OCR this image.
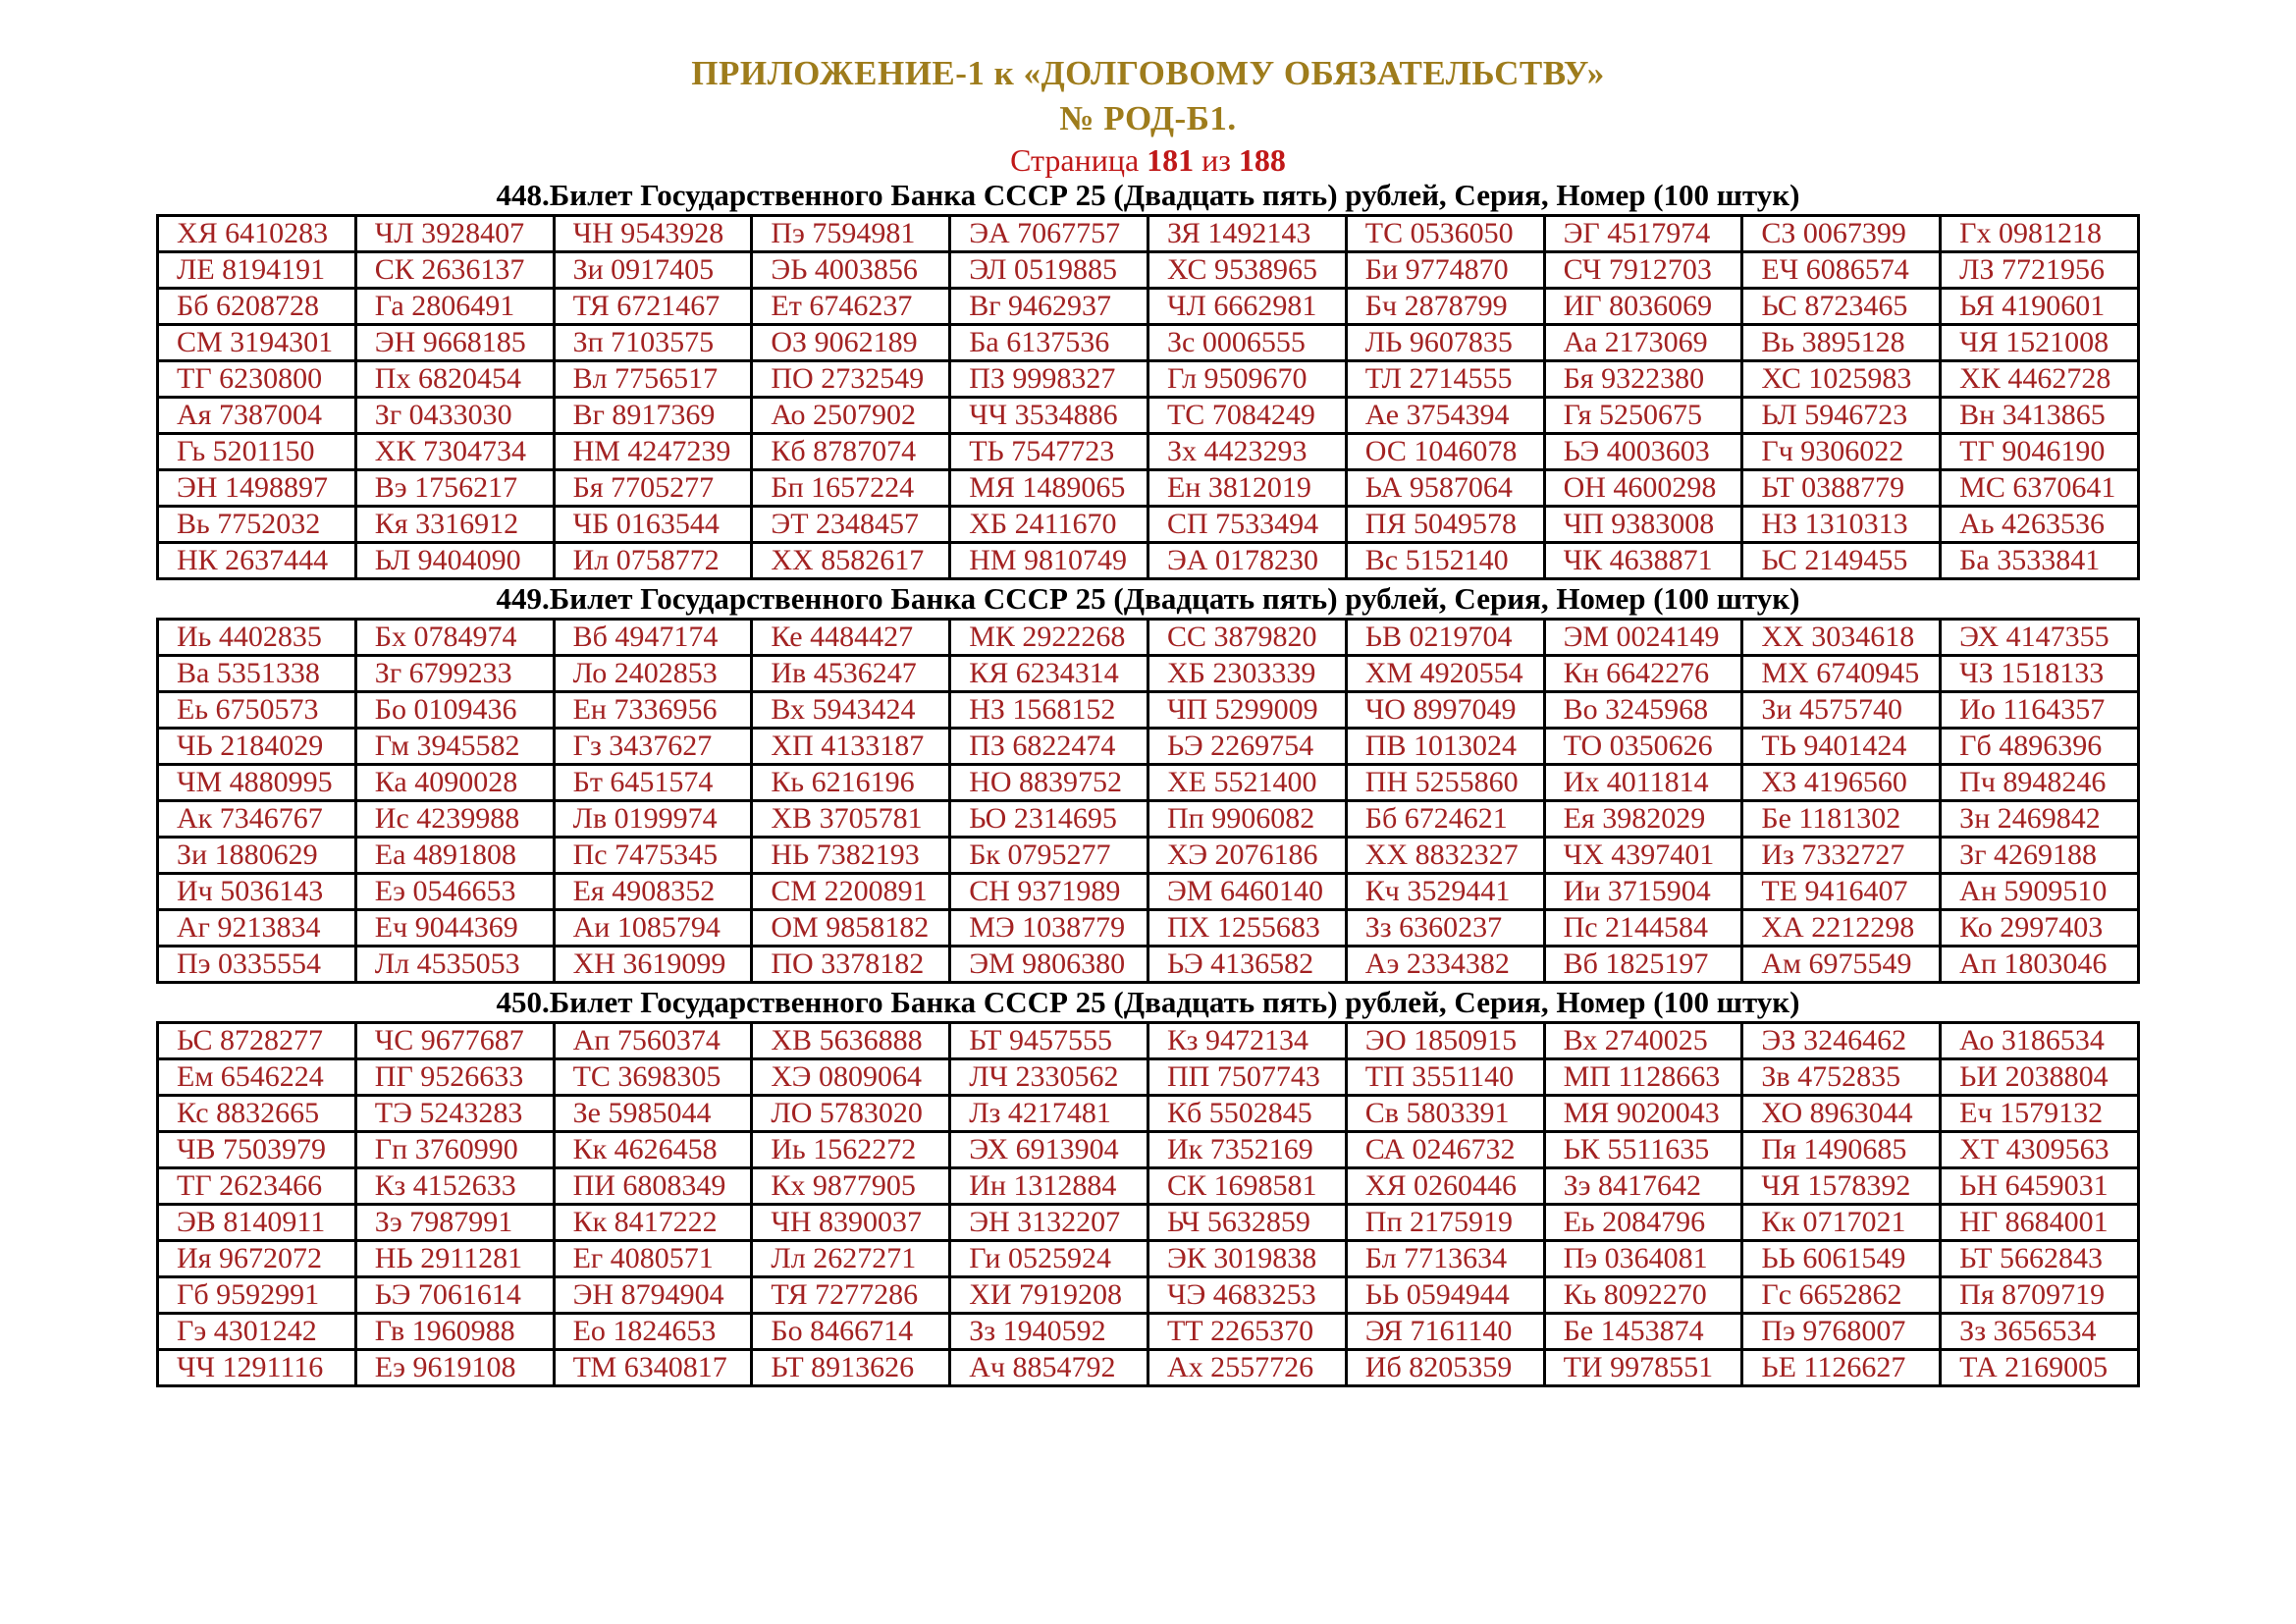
ПРИЛОЖЕНИЕ-1 к «ДОЛГОВОМУ ОБЯЗАТЕЛЬСТВУ»
№ РОД-Б1.
Страница 181 из 188
448.Билет Государственного Банка СССР 25 (Двадцать пять) рублей, Серия, Номер (100 штук)
ХЯ 6410283	ЧЛ 3928407	ЧН 9543928	Пэ 7594981	ЭА 7067757	ЗЯ 1492143	ТС 0536050	ЭГ 4517974	СЗ 0067399	Гх 0981218
ЛЕ 8194191	СК 2636137	Зи 0917405	ЭЬ 4003856	ЭЛ 0519885	ХС 9538965	Би 9774870	СЧ 7912703	ЕЧ 6086574	ЛЗ 7721956
Бб 6208728	Га 2806491	ТЯ 6721467	Ет 6746237	Вг 9462937	ЧЛ 6662981	Бч 2878799	ИГ 8036069	ЬС 8723465	ЬЯ 4190601
СМ 3194301	ЭН 9668185	Зп 7103575	ОЗ 9062189	Ба 6137536	Зс 0006555	ЛЬ 9607835	Аа 2173069	Вь 3895128	ЧЯ 1521008
ТГ 6230800	Пх 6820454	Вл 7756517	ПО 2732549	ПЗ 9998327	Гл 9509670	ТЛ 2714555	Бя 9322380	ХС 1025983	ХК 4462728
Ая 7387004	Зг 0433030	Вг 8917369	Ао 2507902	ЧЧ 3534886	ТС 7084249	Ае 3754394	Гя 5250675	ЬЛ 5946723	Вн 3413865
Гь 5201150	ХК 7304734	НМ 4247239	Кб 8787074	ТЬ 7547723	Зх 4423293	ОС 1046078	ЬЭ 4003603	Гч 9306022	ТГ 9046190
ЭН 1498897	Вэ 1756217	Бя 7705277	Бп 1657224	МЯ 1489065	Ен 3812019	ЬА 9587064	ОН 4600298	ЬТ 0388779	МС 6370641
Вь 7752032	Кя 3316912	ЧБ 0163544	ЭТ 2348457	ХБ 2411670	СП 7533494	ПЯ 5049578	ЧП 9383008	НЗ 1310313	Аь 4263536
НК 2637444	ЬЛ 9404090	Ил 0758772	ХХ 8582617	НМ 9810749	ЭА 0178230	Вс 5152140	ЧК 4638871	ЬС 2149455	Ба 3533841
449.Билет Государственного Банка СССР 25 (Двадцать пять) рублей, Серия, Номер (100 штук)
Иь 4402835	Бх 0784974	Вб 4947174	Ке 4484427	МК 2922268	СС 3879820	ЬВ 0219704	ЭМ 0024149	ХХ 3034618	ЭХ 4147355
Ва 5351338	Зг 6799233	Ло 2402853	Ив 4536247	КЯ 6234314	ХБ 2303339	ХМ 4920554	Кн 6642276	МХ 6740945	ЧЗ 1518133
Еь 6750573	Бо 0109436	Ен 7336956	Вх 5943424	НЗ 1568152	ЧП 5299009	ЧО 8997049	Во 3245968	Зи 4575740	Ио 1164357
ЧЬ 2184029	Гм 3945582	Гз 3437627	ХП 4133187	ПЗ 6822474	ЬЭ 2269754	ПВ 1013024	ТО 0350626	ТЬ 9401424	Гб 4896396
ЧМ 4880995	Ка 4090028	Бт 6451574	Кь 6216196	НО 8839752	ХЕ 5521400	ПН 5255860	Их 4011814	ХЗ 4196560	Пч 8948246
Ак 7346767	Ис 4239988	Лв 0199974	ХВ 3705781	ЬО 2314695	Пп 9906082	Бб 6724621	Ея 3982029	Бе 1181302	Зн 2469842
Зи 1880629	Еа 4891808	Пс 7475345	НЬ 7382193	Бк 0795277	ХЭ 2076186	ХХ 8832327	ЧХ 4397401	Из 7332727	Зг 4269188
Ич 5036143	Еэ 0546653	Ея 4908352	СМ 2200891	СН 9371989	ЭМ 6460140	Кч 3529441	Ии 3715904	ТЕ 9416407	Ан 5909510
Аг 9213834	Еч 9044369	Аи 1085794	ОМ 9858182	МЭ 1038779	ПХ 1255683	Зз 6360237	Пс 2144584	ХА 2212298	Ко 2997403
Пэ 0335554	Лл 4535053	ХН 3619099	ПО 3378182	ЭМ 9806380	ЬЭ 4136582	Аэ 2334382	Вб 1825197	Ам 6975549	Ап 1803046
450.Билет Государственного Банка СССР 25 (Двадцать пять) рублей, Серия, Номер (100 штук)
ЬС 8728277	ЧС 9677687	Ап 7560374	ХВ 5636888	ЬТ 9457555	Кз 9472134	ЭО 1850915	Вх 2740025	ЭЗ 3246462	Ао 3186534
Ем 6546224	ПГ 9526633	ТС 3698305	ХЭ 0809064	ЛЧ 2330562	ПП 7507743	ТП 3551140	МП 1128663	Зв 4752835	ЬИ 2038804
Кс 8832665	ТЭ 5243283	Зе 5985044	ЛО 5783020	Лз 4217481	Кб 5502845	Св 5803391	МЯ 9020043	ХО 8963044	Еч 1579132
ЧВ 7503979	Гп 3760990	Кк 4626458	Иь 1562272	ЭХ 6913904	Ик 7352169	СА 0246732	ЬК 5511635	Пя 1490685	ХТ 4309563
ТГ 2623466	Кз 4152633	ПИ 6808349	Кх 9877905	Ин 1312884	СК 1698581	ХЯ 0260446	Зэ 8417642	ЧЯ 1578392	ЬН 6459031
ЭВ 8140911	Зэ 7987991	Кк 8417222	ЧН 8390037	ЭН 3132207	ЬЧ 5632859	Пп 2175919	Еь 2084796	Кк 0717021	НГ 8684001
Ия 9672072	НЬ 2911281	Ег 4080571	Лл 2627271	Ги 0525924	ЭК 3019838	Бл 7713634	Пэ 0364081	ЬЬ 6061549	ЬТ 5662843
Гб 9592991	ЬЭ 7061614	ЭН 8794904	ТЯ 7277286	ХИ 7919208	ЧЭ 4683253	ЬЬ 0594944	Кь 8092270	Гс 6652862	Пя 8709719
Гэ 4301242	Гв 1960988	Ео 1824653	Бо 8466714	Зз 1940592	ТТ 2265370	ЭЯ 7161140	Бе 1453874	Пэ 9768007	Зз 3656534
ЧЧ 1291116	Еэ 9619108	ТМ 6340817	ЬТ 8913626	Ач 8854792	Ах 2557726	Иб 8205359	ТИ 9978551	ЬЕ 1126627	ТА 2169005
